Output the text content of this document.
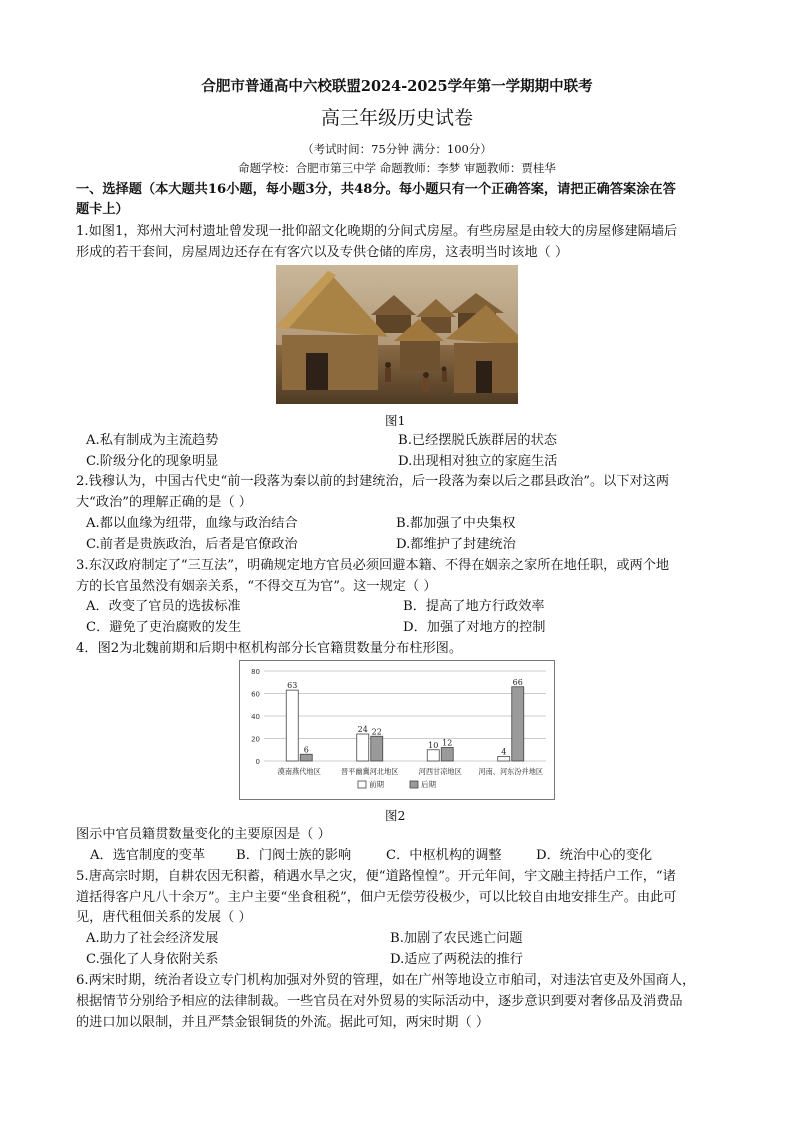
合肥市普通高中六校联盟2024-2025学年第一学期期中联考
高三年级历史试卷
（考试时间：75分钟 满分：100分）
命题学校：合肥市第三中学 命题教师：李梦 审题教师：贾桂华
一、选择题（本大题共16小题，每小题3分，共48分。每小题只有一个正确答案，请把正确答案涂在答
题卡上）
1.如图1，郑州大河村遗址曾发现一批仰韶文化晚期的分间式房屋。有些房屋是由较大的房屋修建隔墙后
形成的若干套间，房屋周边还存在有客穴以及专供仓储的库房，这表明当时该地（ ）
图1
A.私有制成为主流趋势	B.已经摆脱氏族群居的状态
C.阶级分化的现象明显	D.出现相对独立的家庭生活
2.钱穆认为，中国古代史“前一段落为秦以前的封建统治，后一段落为秦以后之郡县政治”。以下对这两
大“政治”的理解正确的是（ ）
A.都以血缘为纽带，血缘与政治结合	B.都加强了中央集权
C.前者是贵族政治，后者是官僚政治	D.都维护了封建统治
3.东汉政府制定了“三互法”，明确规定地方官员必须回避本籍、不得在姻亲之家所在地任职，或两个地
方的长官虽然没有姻亲关系，“不得交互为官”。这一规定（ ）
A．改变了官员的选拔标准	B．提高了地方行政效率
C．避免了吏治腐败的发生	D．加强了对地方的控制
4．图2为北魏前期和后期中枢机构部分长官籍贯数量分布柱形图。
0
20
40
60
80
63
6
漠南燕代地区
24 22
晋平幽冀河北地区
10 12
河西甘凉地区
4
66
河南、河东汾并地区
前期	后期
图2
图示中官员籍贯数量变化的主要原因是（ ）
A．选官制度的变革 B．门阀士族的影响	C．中枢机构的调整	D．统治中心的变化
5.唐高宗时期，自耕农因无积蓄，稍遇水旱之灾，便“道路惶惶”。开元年间，宇文融主持括户工作，“诸
道括得客户凡八十余万”。主户主要“坐食租税”，佃户无偿劳役极少，可以比较自由地安排生产。由此可
见，唐代租佃关系的发展（ ）
A.助力了社会经济发展	B.加剧了农民逃亡问题
C.强化了人身依附关系	D.适应了两税法的推行
6.两宋时期，统治者设立专门机构加强对外贸的管理，如在广州等地设立市舶司，对违法官吏及外国商人，
根据情节分别给予相应的法律制裁。一些官员在对外贸易的实际活动中，逐步意识到要对奢侈品及消费品
的进口加以限制，并且严禁金银铜货的外流。据此可知，两宋时期（ ）
